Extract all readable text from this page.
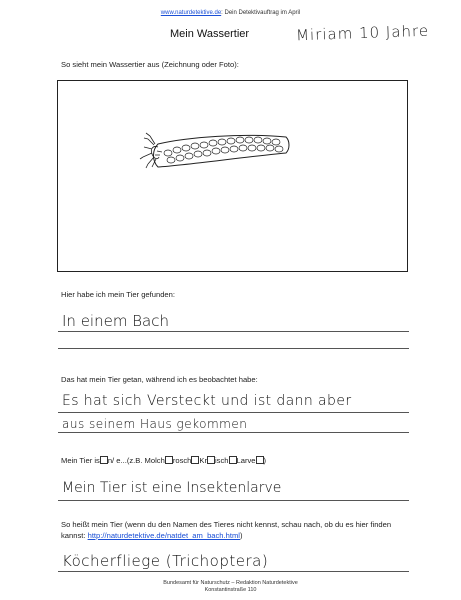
www.naturdetektive.de: Dein Detektivauftrag im April
Mein Wassertier	Miriam 10 Jahre
So sieht mein Wassertier aus (Zeichnung oder Foto):
Hier habe ich mein Tier gefunden:
In einem Bach
Das hat mein Tier getan, während ich es beobachtet habe:
Es hat sich Versteckt und ist dann aber
aus seinem Haus gekommen
Mein Tier is n/ e...(z.B. Molch rosch Kr isch Larve )
Mein Tier ist eine Insektenlarve
So heißt mein Tier (wenn du den Namen des Tieres nicht kennst, schau nach, ob du es hier finden
kannst: http://naturdetektive.de/natdet_am_bach.html)
Köcherfliege (Trichoptera)
Bundesamt für Naturschutz – Redaktion Naturdetektive
Konstantinstraße 110
